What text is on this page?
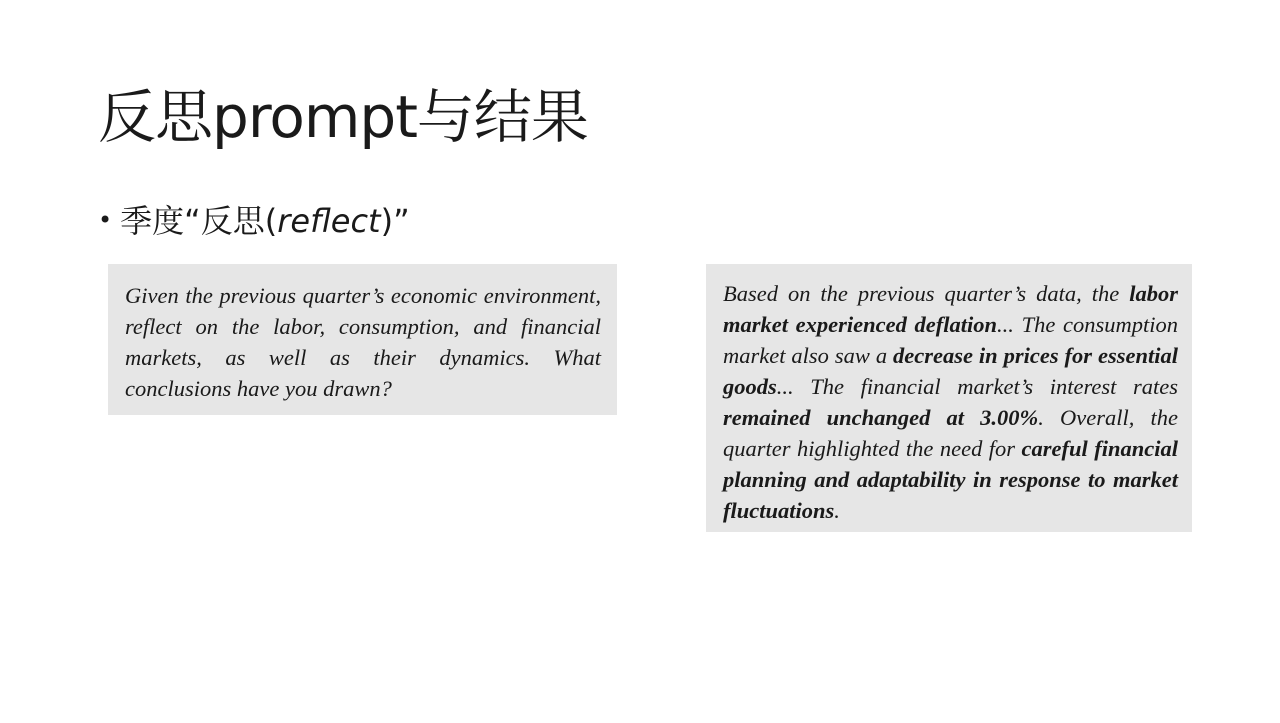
反思prompt与结果
• 季度“反思(reflect)”

Given the previous quarter’s economic environment, reflect on the labor, consumption, and financial markets, as well as their dynamics. What conclusions have you drawn?

Based on the previous quarter’s data, the labor market experienced deflation... The consumption market also saw a decrease in prices for essential goods... The financial market’s interest rates remained unchanged at 3.00%. Overall, the quarter highlighted the need for careful financial planning and adaptability in response to market fluctuations.
